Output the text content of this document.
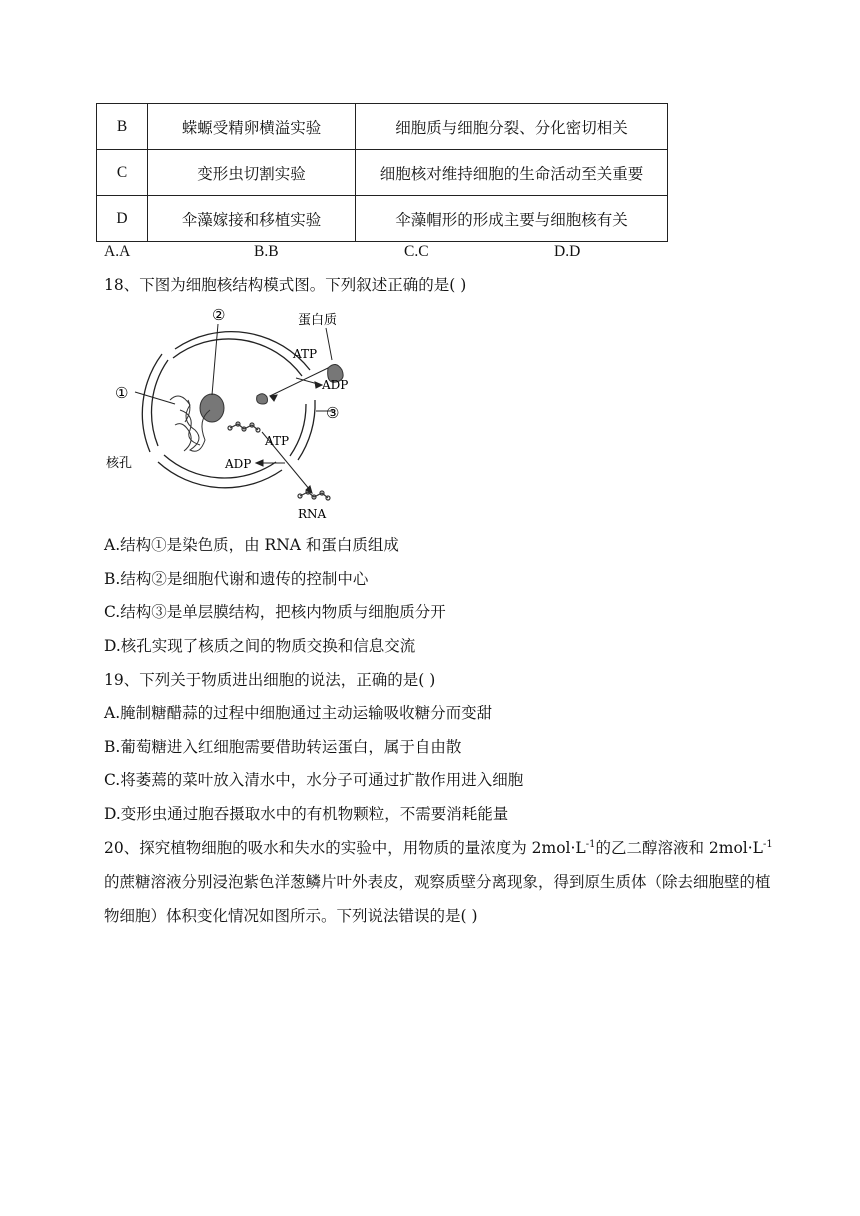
B	蝾螈受精卵横溢实验	细胞质与细胞分裂、分化密切相关
C	变形虫切割实验	细胞核对维持细胞的生命活动至关重要
D	伞藻嫁接和移植实验	伞藻帽形的形成主要与细胞核有关
A.A	B.B	C.C	D.D
18、下图为细胞核结构模式图。下列叙述正确的是( )
②	蛋白质
ATP
ADP
①
③
ATP
ADP
核孔
RNA
A.结构①是染色质，由 RNA 和蛋白质组成
B.结构②是细胞代谢和遗传的控制中心
C.结构③是单层膜结构，把核内物质与细胞质分开
D.核孔实现了核质之间的物质交换和信息交流
19、下列关于物质进出细胞的说法，正确的是( )
A.腌制糖醋蒜的过程中细胞通过主动运输吸收糖分而变甜
B.葡萄糖进入红细胞需要借助转运蛋白，属于自由散
C.将萎蔫的菜叶放入清水中，水分子可通过扩散作用进入细胞
D.变形虫通过胞吞摄取水中的有机物颗粒，不需要消耗能量
20、探究植物细胞的吸水和失水的实验中，用物质的量浓度为 $2mol\cdot L^{-1}$的乙二醇溶液和 $2mol\cdot L^{-1}$的蔗糖溶液分别浸泡紫色洋葱鳞片叶外表皮，观察质壁分离现象，得到原生质体（除去细胞壁的植物细胞）体积变化情况如图所示。下列说法错误的是( )
